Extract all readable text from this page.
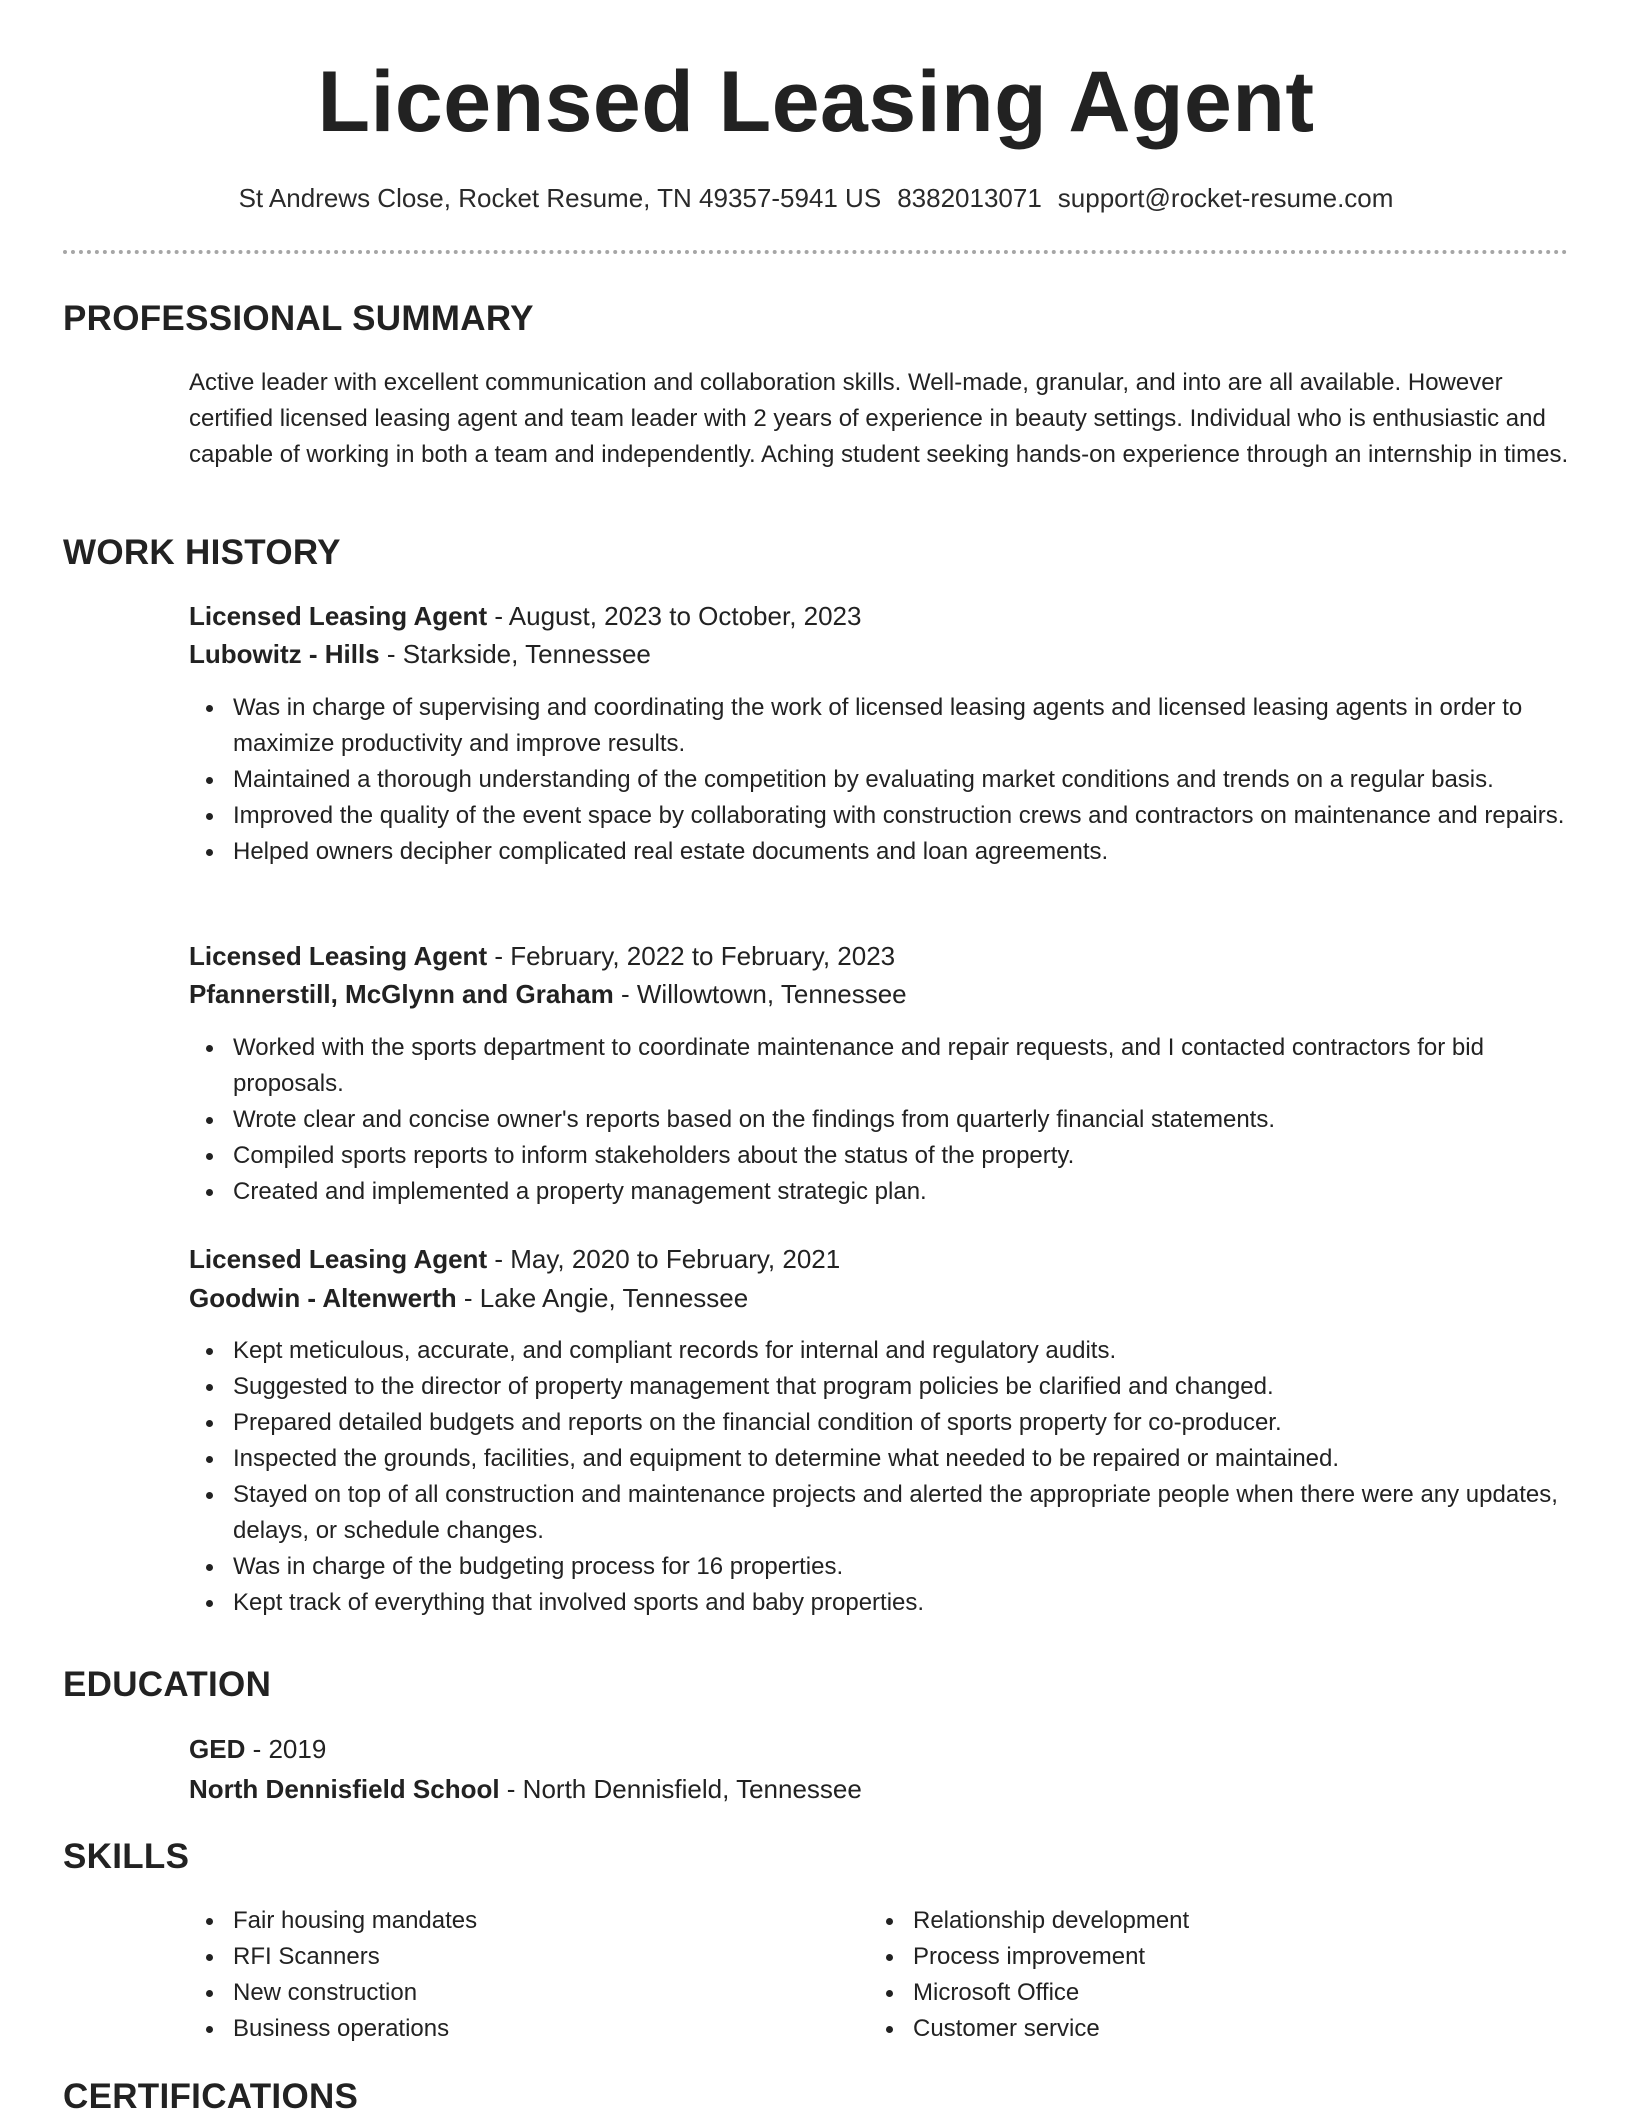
Licensed Leasing Agent
St Andrews Close, Rocket Resume, TN 49357-5941 US 8382013071 support@rocket-resume.com
PROFESSIONAL SUMMARY
Active leader with excellent communication and collaboration skills. Well-made, granular, and into are all available. However certified licensed leasing agent and team leader with 2 years of experience in beauty settings. Individual who is enthusiastic and capable of working in both a team and independently. Aching student seeking hands-on experience through an internship in times.
WORK HISTORY
Licensed Leasing Agent - August, 2023 to October, 2023
Lubowitz - Hills - Starkside, Tennessee
Was in charge of supervising and coordinating the work of licensed leasing agents and licensed leasing agents in order to maximize productivity and improve results.
Maintained a thorough understanding of the competition by evaluating market conditions and trends on a regular basis.
Improved the quality of the event space by collaborating with construction crews and contractors on maintenance and repairs.
Helped owners decipher complicated real estate documents and loan agreements.
Licensed Leasing Agent - February, 2022 to February, 2023
Pfannerstill, McGlynn and Graham - Willowtown, Tennessee
Worked with the sports department to coordinate maintenance and repair requests, and I contacted contractors for bid proposals.
Wrote clear and concise owner's reports based on the findings from quarterly financial statements.
Compiled sports reports to inform stakeholders about the status of the property.
Created and implemented a property management strategic plan.
Licensed Leasing Agent - May, 2020 to February, 2021
Goodwin - Altenwerth - Lake Angie, Tennessee
Kept meticulous, accurate, and compliant records for internal and regulatory audits.
Suggested to the director of property management that program policies be clarified and changed.
Prepared detailed budgets and reports on the financial condition of sports property for co-producer.
Inspected the grounds, facilities, and equipment to determine what needed to be repaired or maintained.
Stayed on top of all construction and maintenance projects and alerted the appropriate people when there were any updates, delays, or schedule changes.
Was in charge of the budgeting process for 16 properties.
Kept track of everything that involved sports and baby properties.
EDUCATION
GED - 2019
North Dennisfield School - North Dennisfield, Tennessee
SKILLS
Fair housing mandates
RFI Scanners
New construction
Business operations
Relationship development
Process improvement
Microsoft Office
Customer service
CERTIFICATIONS
